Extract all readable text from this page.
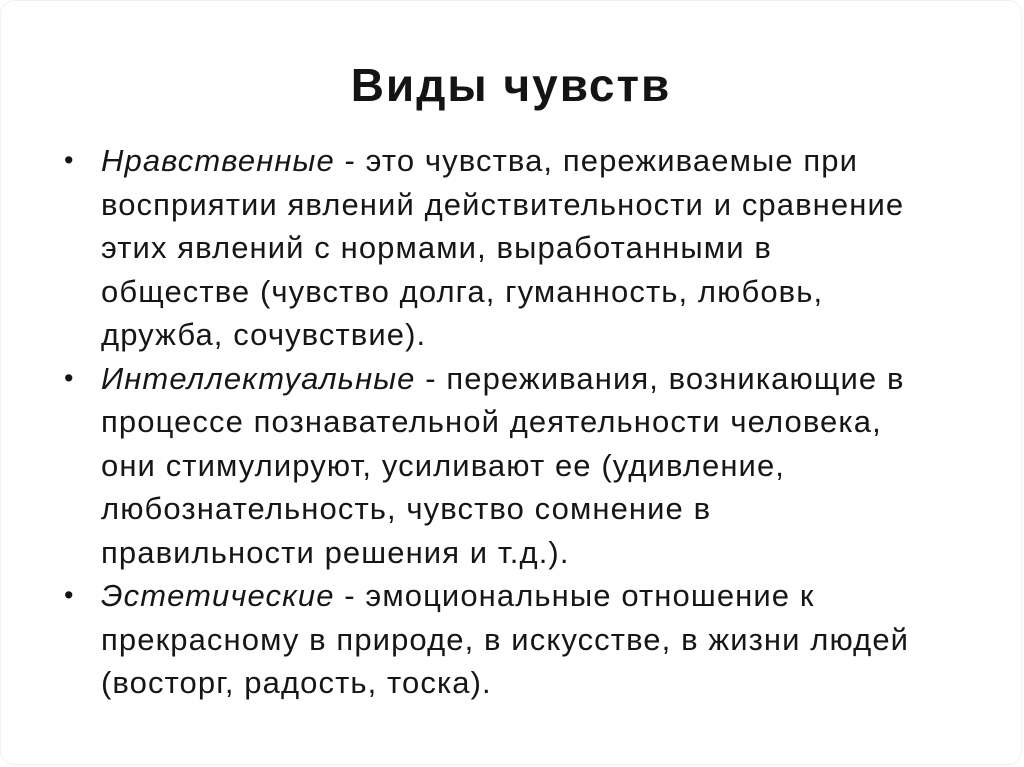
Виды чувств
• Нравственные - это чувства, переживаемые при
восприятии явлений действительности и сравнение
этих явлений с нормами, выработанными в
обществе (чувство долга, гуманность, любовь,
дружба, сочувствие).
• Интеллектуальные - переживания, возникающие в
процессе познавательной деятельности человека,
они стимулируют, усиливают ее (удивление,
любознательность, чувство сомнение в
правильности решения и т.д.).
• Эстетические - эмоциональные отношение к
прекрасному в природе, в искусстве, в жизни людей
(восторг, радость, тоска).
